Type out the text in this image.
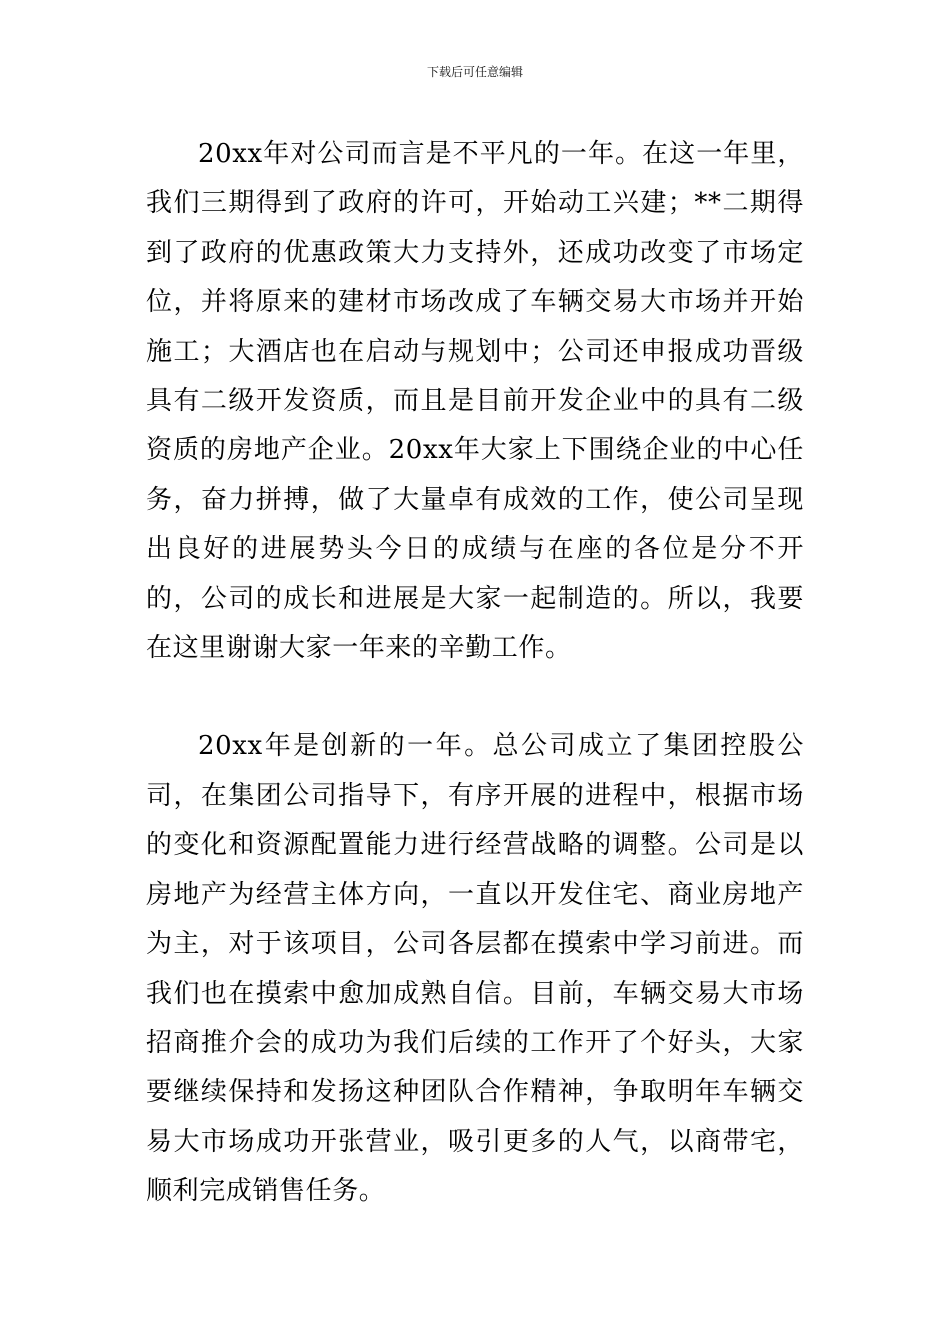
下载后可任意编辑

20xx年对公司而言是不平凡的一年。在这一年里，我们三期得到了政府的许可，开始动工兴建；**二期得到了政府的优惠政策大力支持外，还成功改变了市场定位，并将原来的建材市场改成了车辆交易大市场并开始施工；大酒店也在启动与规划中；公司还申报成功晋级具有二级开发资质，而且是目前开发企业中的具有二级资质的房地产企业。20xx年大家上下围绕企业的中心任务，奋力拼搏，做了大量卓有成效的工作，使公司呈现出良好的进展势头今日的成绩与在座的各位是分不开的，公司的成长和进展是大家一起制造的。所以，我要在这里谢谢大家一年来的辛勤工作。

20xx年是创新的一年。总公司成立了集团控股公司，在集团公司指导下，有序开展的进程中，根据市场的变化和资源配置能力进行经营战略的调整。公司是以房地产为经营主体方向，一直以开发住宅、商业房地产为主，对于该项目，公司各层都在摸索中学习前进。而我们也在摸索中愈加成熟自信。目前，车辆交易大市场招商推介会的成功为我们后续的工作开了个好头，大家要继续保持和发扬这种团队合作精神，争取明年车辆交易大市场成功开张营业，吸引更多的人气，以商带宅，顺利完成销售任务。
